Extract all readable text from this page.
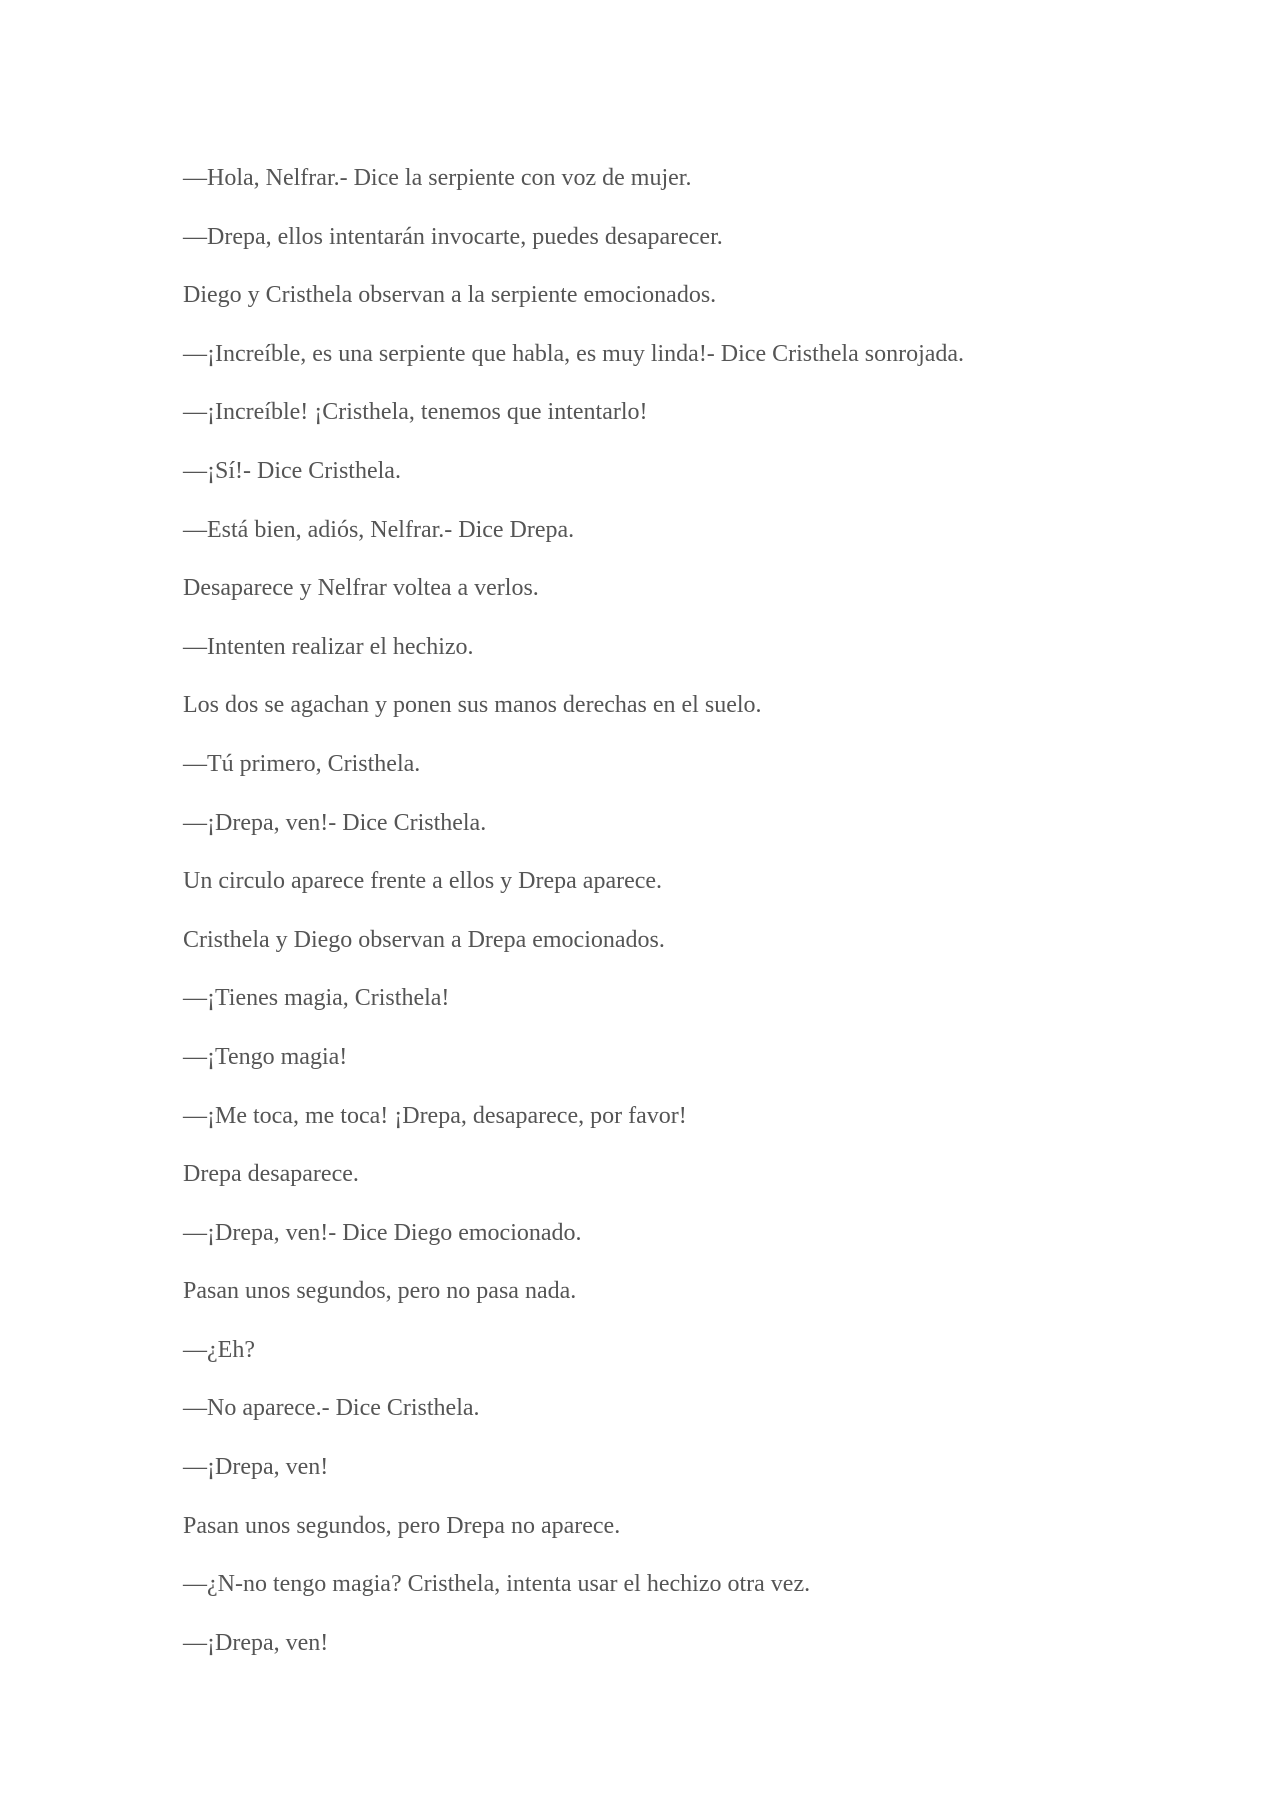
—Hola, Nelfrar.- Dice la serpiente con voz de mujer.

—Drepa, ellos intentarán invocarte, puedes desaparecer.

Diego y Cristhela observan a la serpiente emocionados.

—¡Increíble, es una serpiente que habla, es muy linda!- Dice Cristhela sonrojada.

—¡Increíble! ¡Cristhela, tenemos que intentarlo!

—¡Sí!- Dice Cristhela.

—Está bien, adiós, Nelfrar.- Dice Drepa.

Desaparece y Nelfrar voltea a verlos.

—Intenten realizar el hechizo.

Los dos se agachan y ponen sus manos derechas en el suelo.

—Tú primero, Cristhela.

—¡Drepa, ven!- Dice Cristhela.

Un circulo aparece frente a ellos y Drepa aparece.

Cristhela y Diego observan a Drepa emocionados.

—¡Tienes magia, Cristhela!

—¡Tengo magia!

—¡Me toca, me toca! ¡Drepa, desaparece, por favor!

Drepa desaparece.

—¡Drepa, ven!- Dice Diego emocionado.

Pasan unos segundos, pero no pasa nada.

—¿Eh?

—No aparece.- Dice Cristhela.

—¡Drepa, ven!

Pasan unos segundos, pero Drepa no aparece.

—¿N-no tengo magia? Cristhela, intenta usar el hechizo otra vez.

—¡Drepa, ven!
